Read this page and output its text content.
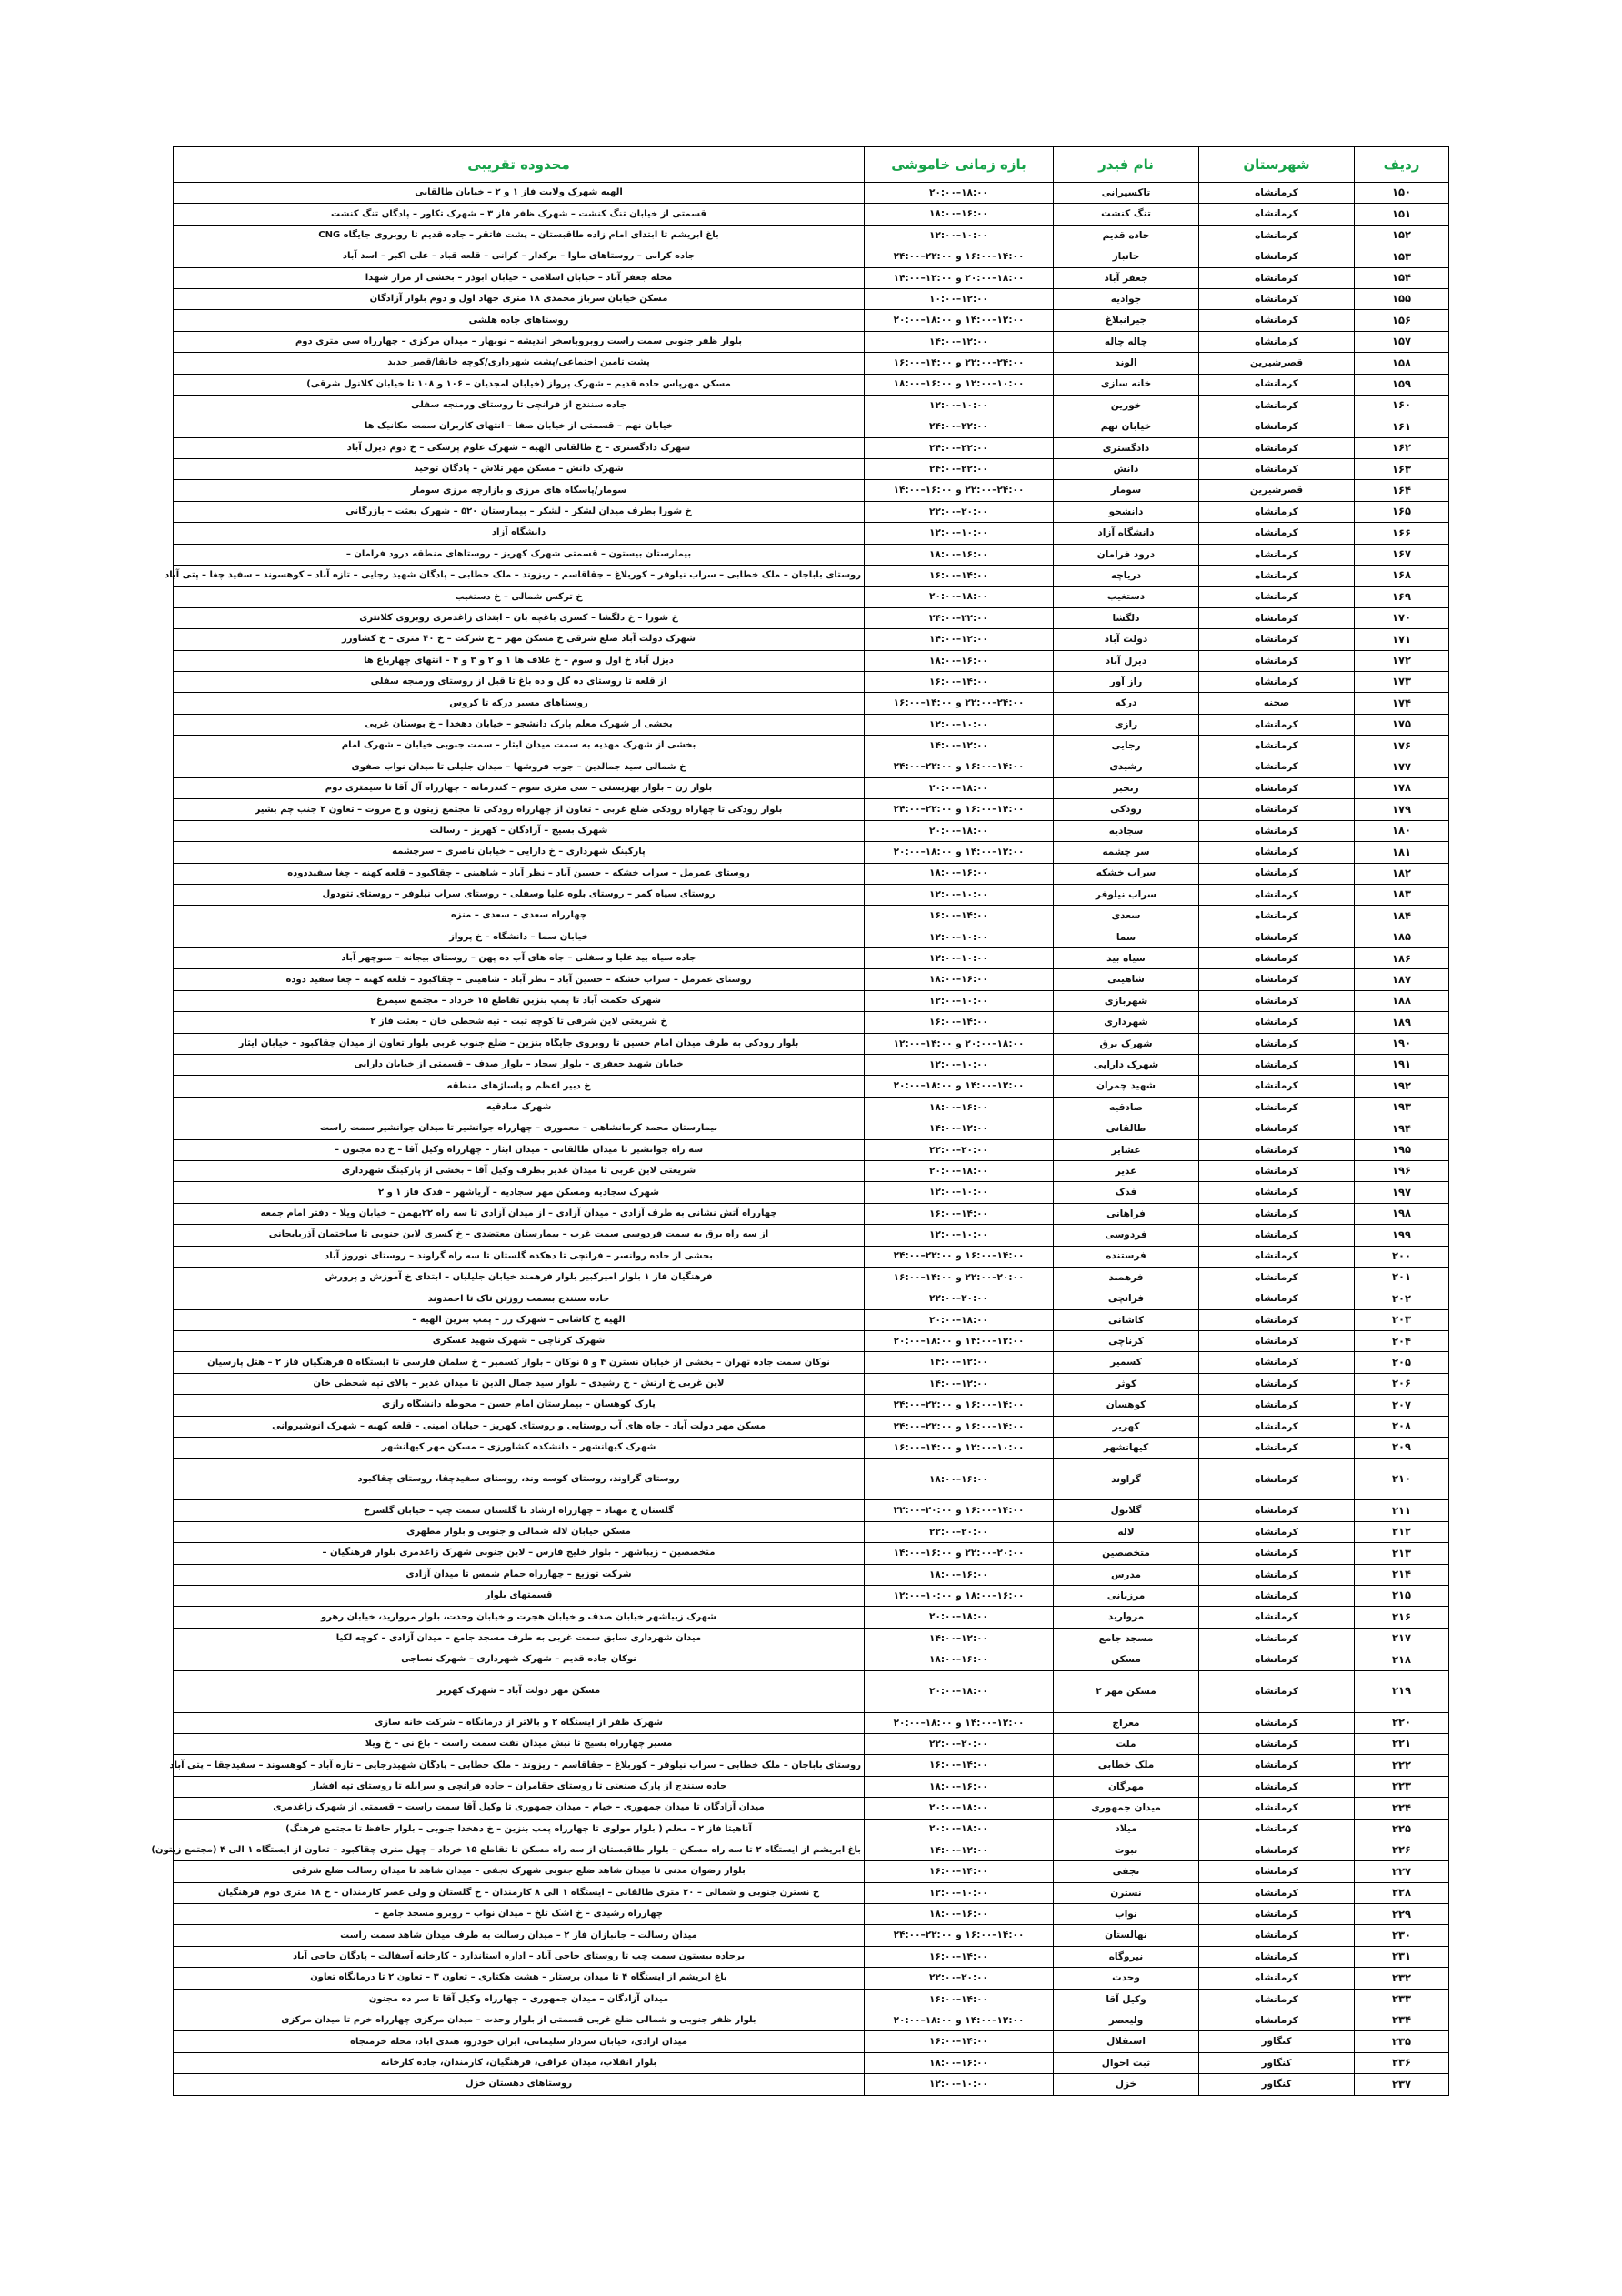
ردیف	شهرستان	نام فیدر	بازه زمانی خاموشی	محدوده تقریبی
۱۵۰	کرمانشاه	تاکسیرانی	۱۸:۰۰–۲۰:۰۰	الهیه شهرک ولایت فاز ۱ و ۲ – خیابان طالقانی
۱۵۱	کرمانشاه	تنگ کنشت	۱۶:۰۰–۱۸:۰۰	قسمتی از خیابان تنگ کنشت – شهرک ظفر فاز ۳ – شهرک تکاور – پادگان تنگ کنشت
۱۵۲	کرمانشاه	جاده قدیم	۱۰:۰۰–۱۲:۰۰	باغ ابریشم تا ابتدای امام زاده طاقبستان – پشت فاتقر – جاده قدیم تا روبروی جایگاه CNG
۱۵۳	کرمانشاه	جانباز	۱۴:۰۰–۱۶:۰۰ و ۲۲:۰۰–۲۴:۰۰	جاده کرانی – روستاهای ماوا – برکدار – کرانی – قلعه قباد – علی اکبر – اسد آباد
۱۵۴	کرمانشاه	جعفر آباد	۱۸:۰۰–۲۰:۰۰ و ۱۲:۰۰–۱۴:۰۰	محله جعفر آباد – خیابان اسلامی – خیابان ابوذر – بخشی از مزار شهدا
۱۵۵	کرمانشاه	جوادیه	۱۲:۰۰–۱۰:۰۰	مسکن خیابان سرباز محمدی ۱۸ متری جهاد اول و دوم بلوار آزادگان
۱۵۶	کرمانشاه	جیرانبلاغ	۱۲:۰۰–۱۴:۰۰ و ۱۸:۰۰–۲۰:۰۰	روستاهای جاده هلشی
۱۵۷	کرمانشاه	چاله چاله	۱۲:۰۰–۱۴:۰۰	بلوار ظفر جنوبی سمت راست روبروباسخر اندیشه – نوبهار – میدان مرکزی – چهارراه سی متری دوم
۱۵۸	قصرشیرین	الوند	۲۴:۰۰–۲۲:۰۰ و ۱۴:۰۰–۱۶:۰۰	پشت تامین اجتماعی/پشت شهرداری/کوچه خانقا/قصر جدید
۱۵۹	کرمانشاه	خانه سازی	۱۰:۰۰–۱۲:۰۰ و ۱۶:۰۰–۱۸:۰۰	مسکن مهرپاس جاده قدیم – شهرک پرواز (خیابان امجدیان – ۱۰۶ و ۱۰۸ تا خیابان کلانول شرقی)
۱۶۰	کرمانشاه	خورین	۱۰:۰۰–۱۲:۰۰	جاده سنندج از فرانچی تا روستای ورمنجه سفلی
۱۶۱	کرمانشاه	خیابان نهم	۲۲:۰۰–۲۴:۰۰	خیابان نهم – قسمتی از خیابان صفا – انتهای کاربران سمت مکانیک ها
۱۶۲	کرمانشاه	دادگستری	۲۲:۰۰–۲۴:۰۰	شهرک دادگستری – خ طالقانی الهیه – شهرک علوم پزشکی – خ دوم دیزل آباد
۱۶۳	کرمانشاه	دانش	۲۲:۰۰–۲۴:۰۰	شهرک دانش – مسکن مهر تلاش – پادگان توحید
۱۶۴	قصرشیرین	سومار	۲۴:۰۰–۲۲:۰۰ و ۱۶:۰۰–۱۴:۰۰	سومار/پاسگاه های مرزی و بازارچه مرزی سومار
۱۶۵	کرمانشاه	دانشجو	۲۰:۰۰–۲۲:۰۰	خ شورا بطرف میدان لشکر – لشکر – بیمارستان ۵۲۰ – شهرک بعثت – بازرگانی
۱۶۶	کرمانشاه	دانشگاه آزاد	۱۰:۰۰–۱۲:۰۰	دانشگاه آزاد
۱۶۷	کرمانشاه	درود فرامان	۱۶:۰۰–۱۸:۰۰	بیمارستان بیستون – قسمتی شهرک کهریز – روستاهای منطقه درود فرامان –
۱۶۸	کرمانشاه	دریاچه	۱۴:۰۰–۱۶:۰۰	روستای باباجان – ملک خطابی – سراب نیلوفر – کوربلاغ – جقاقاسم – ریزوند – ملک خطابی – پادگان شهید رجایی – تازه آباد – کوهسوند – سفید چغا – پتی آباد
۱۶۹	کرمانشاه	دستغیب	۱۸:۰۰–۲۰:۰۰	خ ترکس شمالی – خ دستغیب
۱۷۰	کرمانشاه	دلگشا	۲۲:۰۰–۲۴:۰۰	خ شورا – خ دلگشا – کسری باغچه بان – ابتدای زاغدمری روبروی کلانتری
۱۷۱	کرمانشاه	دولت آباد	۱۲:۰۰–۱۴:۰۰	شهرک دولت آباد ضلع شرقی خ مسکن مهر – خ شرکت – خ ۴۰ متری – خ کشاورز
۱۷۲	کرمانشاه	دیزل آباد	۱۶:۰۰–۱۸:۰۰	دیزل آباد خ اول و سوم – خ علاف ها ۱ و ۲ و ۳ و ۴ – انتهای چهارباغ ها
۱۷۳	کرمانشاه	راز آور	۱۴:۰۰–۱۶:۰۰	از قلعه تا روستای ده گل و ده باغ تا قبل از روستای ورمنجه سفلی
۱۷۴	صحنه	درکه	۲۴:۰۰–۲۲:۰۰ و ۱۴:۰۰–۱۶:۰۰	روستاهای مسیر درکه تا کروس
۱۷۵	کرمانشاه	رازی	۱۰:۰۰–۱۲:۰۰	بخشی از شهرک معلم پارک دانشجو – خیابان دهخدا – خ بوستان غربی
۱۷۶	کرمانشاه	رجایی	۱۲:۰۰–۱۴:۰۰	بخشی از شهرک مهدیه به سمت میدان ابثار – سمت جنوبی خیابان – شهرک امام
۱۷۷	کرمانشاه	رشیدی	۱۴:۰۰–۱۶:۰۰ و ۲۲:۰۰–۲۴:۰۰	خ شمالی سید جمالدین – جوب فروشها – میدان جلیلی تا میدان نواب صفوی
۱۷۸	کرمانشاه	رنجبر	۱۸:۰۰–۲۰:۰۰	بلوار زن – بلوار بهزیستی – سی متری سوم – کندرمانه – چهارراه آل آقا تا سیمتری دوم
۱۷۹	کرمانشاه	رودکی	۱۴:۰۰–۱۶:۰۰ و ۲۲:۰۰–۲۴:۰۰	بلوار رودکی تا چهاراه رودکی ضلع غربی – تعاون از چهارراه رودکی تا مجتمع زیتون و خ مروت – تعاون ۲ جنب چم بشیر
۱۸۰	کرمانشاه	سجادیه	۱۸:۰۰–۲۰:۰۰	شهرک بسیج – آزادگان – کهریز – رسالت
۱۸۱	کرمانشاه	سر چشمه	۱۲:۰۰–۱۴:۰۰ و ۱۸:۰۰–۲۰:۰۰	پارکینگ شهرداری – خ دارایی – خیابان ناصری – سرچشمه
۱۸۲	کرمانشاه	سراب خشکه	۱۶:۰۰–۱۸:۰۰	روستای عمرمل – سراب خشکه – حسین آباد – نظر آباد – شاهینی – چقاکبود – قلعه کهنه – چغا سفیددوده
۱۸۳	کرمانشاه	سراب نیلوفر	۱۰:۰۰–۱۲:۰۰	روستای سیاه کمر – روستای بلوه علیا وسفلی – روستای سراب نیلوفر – روستای تتودول
۱۸۴	کرمانشاه	سعدی	۱۴:۰۰–۱۶:۰۰	چهارراه سعدی – سعدی – منزه
۱۸۵	کرمانشاه	سما	۱۰:۰۰–۱۲:۰۰	خیابان سما – دانشگاه – خ پرواز
۱۸۶	کرمانشاه	سیاه بید	۱۰:۰۰–۱۲:۰۰	جاده سیاه بید علیا و سفلی – جاه های آب ده پهن – روستای بیجانه – منوچهر آباد
۱۸۷	کرمانشاه	شاهینی	۱۶:۰۰–۱۸:۰۰	روستای عمرمل – سراب خشکه – حسین آباد – نظر آباد – شاهینی – چقاکبود – قلعه کهنه – چغا سفید دوده
۱۸۸	کرمانشاه	شهربازی	۱۰:۰۰–۱۲:۰۰	شهرک حکمت آباد تا پمپ بنزین تقاطع ۱۵ خرداد – مجتمع سیمرغ
۱۸۹	کرمانشاه	شهرداری	۱۴:۰۰–۱۶:۰۰	خ شریعتی لاین شرقی تا کوچه ثبت – تیه شحطی خان – بعثت فاز ۲
۱۹۰	کرمانشاه	شهرک برق	۱۸:۰۰–۲۰:۰۰ و ۱۴:۰۰–۱۲:۰۰	بلوار رودکی به طرف میدان امام حسین تا روبروی جایگاه بنزین – ضلع جنوب غربی بلوار تعاون از میدان چقاکبود – خیابان ایثار
۱۹۱	کرمانشاه	شهرک دارایی	۱۰:۰۰–۱۲:۰۰	خیابان شهید جعفری – بلوار سجاد – بلوار صدف – قسمتی از خیابان دارایی
۱۹۲	کرمانشاه	شهید چمران	۱۲:۰۰–۱۴:۰۰ و ۱۸:۰۰–۲۰:۰۰	خ دبیر اعظم و پاساژهای منطقه
۱۹۳	کرمانشاه	صادقیه	۱۶:۰۰–۱۸:۰۰	شهرک صادقیه
۱۹۴	کرمانشاه	طالقانی	۱۲:۰۰–۱۴:۰۰	بیمارستان محمد کرمانشاهی – معموری – چهارراه جوانشیر تا میدان جوانشیر سمت راست
۱۹۵	کرمانشاه	عشایر	۲۰:۰۰–۲۲:۰۰	سه راه جوانشیر تا میدان طالقانی – میدان ابثار – چهارراه وکیل آقا – خ ده مجنون –
۱۹۶	کرمانشاه	غدیر	۱۸:۰۰–۲۰:۰۰	شریعتی لاین غربی تا میدان غدیر بطرف وکیل آقا – بخشی از پارکینگ شهرداری
۱۹۷	کرمانشاه	فدک	۱۰:۰۰–۱۲:۰۰	شهرک سجادیه ومسکن مهر سجادیه – آریاشهر – فدک فاز ۱ و ۲
۱۹۸	کرمانشاه	فراهانی	۱۴:۰۰–۱۶:۰۰	چهارراه آتش نشانی به طرف آزادی – میدان آزادی – از میدان آزادی تا سه راه ۲۲بهمن – خیابان ویلا – دفتر امام جمعه
۱۹۹	کرمانشاه	فردوسی	۱۰:۰۰–۱۲:۰۰	از سه راه برق به سمت فردوسی سمت غرب – بیمارستان معتضدی – خ کسری لاین جنوبی تا ساختمان آذربایجانی
۲۰۰	کرمانشاه	فرستنده	۱۴:۰۰–۱۶:۰۰ و ۲۲:۰۰–۲۴:۰۰	بخشی از جاده روانسر – فرانچی تا دهکده گلستان تا سه راه گراوند – روستای نوروز آباد
۲۰۱	کرمانشاه	فرهمند	۲۰:۰۰–۲۲:۰۰ و ۱۴:۰۰–۱۶:۰۰	فرهنگیان فاز ۱ بلوار امیرکبیر بلوار فرهمند خیابان جلیلیان – ابتدای خ آموزش و پرورش
۲۰۲	کرمانشاه	فرانچی	۲۰:۰۰–۲۲:۰۰	جاده سنندج بسمت روزتن تاک تا احمدوند
۲۰۳	کرمانشاه	کاشانی	۱۸:۰۰–۲۰:۰۰	الهیه خ کاشانی – شهرک رز – پمپ بنزین الهیه –
۲۰۴	کرمانشاه	کرناچی	۱۲:۰۰–۱۴:۰۰ و ۱۸:۰۰–۲۰:۰۰	شهرک کرناچی – شهرک شهید عسکری
۲۰۵	کرمانشاه	کسمیر	۱۲:۰۰–۱۴:۰۰	نوکان سمت جاده تهران – بخشی از خیابان نسترن ۴ و ۵ نوکان – بلوار کسمیر – خ سلمان فارسی تا ایستگاه ۵ فرهنگیان فاز ۲ – هتل پارسیان
۲۰۶	کرمانشاه	کوثر	۱۲:۰۰–۱۴:۰۰	لاین غربی خ ارتش – خ رشیدی – بلوار سید جمال الدین تا میدان غدیر – بالای تپه شحطی خان
۲۰۷	کرمانشاه	کوهسان	۱۴:۰۰–۱۶:۰۰ و ۲۲:۰۰–۲۴:۰۰	پارک کوهسان – بیمارستان امام حسن – محوطه دانشگاه رازی
۲۰۸	کرمانشاه	کهریز	۱۴:۰۰–۱۶:۰۰ و ۲۲:۰۰–۲۴:۰۰	مسکن مهر دولت آباد – جاه های آب روستایی و روستای کهریز – خیابان امینی – قلعه کهنه – شهرک انوشیروانی
۲۰۹	کرمانشاه	کیهانشهر	۱۰:۰۰–۱۲:۰۰ و ۱۴:۰۰–۱۶:۰۰	شهرک کیهانشهر – دانشکده کشاورزی – مسکن مهر کیهانشهر
۲۱۰	کرمانشاه	گراوند	۱۶:۰۰–۱۸:۰۰	روستای گراوند، روستای کوسه وند، روستای سفیدچقا، روستای چقاکبود
۲۱۱	کرمانشاه	گلانول	۱۴:۰۰–۱۶:۰۰ و ۲۰:۰۰–۲۲:۰۰	گلستان خ مهناد – چهارراه ارشاد تا گلستان سمت چپ – خیابان گلسرخ
۲۱۲	کرمانشاه	لاله	۲۰:۰۰–۲۲:۰۰	مسکن خیابان لاله شمالی و جنوبی و بلوار مطهری
۲۱۳	کرمانشاه	متخصصین	۲۰:۰۰–۲۲:۰۰ و ۱۶:۰۰–۱۴:۰۰	متخصصین – زیباشهر – بلوار خلیج فارس – لاین جنوبی شهرک زاغدمری بلوار فرهنگیان –
۲۱۴	کرمانشاه	مدرس	۱۶:۰۰–۱۸:۰۰	شرکت توزیع – چهارراه حمام شمس تا میدان آزادی
۲۱۵	کرمانشاه	مرزبانی	۱۶:۰۰–۱۸:۰۰ و ۱۰:۰۰–۱۲:۰۰	قسمتهای بلوار
۲۱۶	کرمانشاه	مروارید	۱۸:۰۰–۲۰:۰۰	شهرک زیباشهر خیابان صدف و خیابان هجرت و خیابان وحدت، بلوار مروارید، خیابان رهرو
۲۱۷	کرمانشاه	مسجد جامع	۱۲:۰۰–۱۴:۰۰	میدان شهرداری سابق سمت غربی به طرف مسجد جامع – میدان آزادی – کوچه لکیا
۲۱۸	کرمانشاه	مسکن	۱۶:۰۰–۱۸:۰۰	نوکان جاده قدیم – شهرک شهرداری – شهرک نساجی
۲۱۹	کرمانشاه	مسکن مهر ۲	۱۸:۰۰–۲۰:۰۰	مسکن مهر دولت آباد – شهرک کهریز
۲۲۰	کرمانشاه	معراج	۱۲:۰۰–۱۴:۰۰ و ۱۸:۰۰–۲۰:۰۰	شهرک ظفر از ایستگاه ۲ و بالاتر از درمانگاه – شرکت خانه سازی
۲۲۱	کرمانشاه	ملت	۲۰:۰۰–۲۲:۰۰	مسیر چهارراه بسیج تا نبش میدان نفت سمت راست – باغ نی – خ ویلا
۲۲۲	کرمانشاه	ملک خطابی	۱۴:۰۰–۱۶:۰۰	روستای باباجان – ملک خطابی – سراب نیلوفر – کوربلاغ – جقاقاسم – ریزوند – ملک خطابی – پادگان شهیدرجایی – تازه آباد – کوهسوند – سفیدچقا – پتی آباد
۲۲۳	کرمانشاه	مهرگان	۱۶:۰۰–۱۸:۰۰	جاده سنندج از پارک صنعتی تا روستای جقامران – جاده فرانچی و سرابله تا روستای تپه افشار
۲۲۴	کرمانشاه	میدان جمهوری	۱۸:۰۰–۲۰:۰۰	میدان آزادگان تا میدان جمهوری – خیام – میدان جمهوری تا وکیل آقا سمت راست – قسمتی از شهرک زاغدمری
۲۲۵	کرمانشاه	میلاد	۱۸:۰۰–۲۰:۰۰	آناهیتا فاز ۲ – معلم ( بلوار مولوی تا چهارراه پمپ بنزین – خ دهخدا جنوبی – بلوار حافظ تا مجتمع فرهنگ)
۲۲۶	کرمانشاه	نبوت	۱۲:۰۰–۱۴:۰۰	باغ ابریشم از ایستگاه ۲ تا سه راه مسکن – بلوار طاقبستان از سه راه مسکن تا تقاطع ۱۵ خرداد – چهل متری چقاکبود – تعاون از ایستگاه ۱ الی ۴ (مجتمع زیتون)
۲۲۷	کرمانشاه	نجفی	۱۴:۰۰–۱۶:۰۰	بلوار رضوان مدنی تا میدان شاهد ضلع جنوبی شهرک نجفی – میدان شاهد تا میدان رسالت ضلع شرقی
۲۲۸	کرمانشاه	نسترن	۱۰:۰۰–۱۲:۰۰	خ نسترن جنوبی و شمالی – ۲۰ متری طالقانی – ایستگاه ۱ الی ۸ کارمندان – خ گلستان و ولی عصر کارمندان – خ ۱۸ متری دوم فرهنگیان
۲۲۹	کرمانشاه	نواب	۱۶:۰۰–۱۸:۰۰	چهارراه رشیدی – خ اشک تلخ – میدان نواب – روبرو مسجد جامع –
۲۳۰	کرمانشاه	نهالستان	۱۴:۰۰–۱۶:۰۰ و ۲۲:۰۰–۲۴:۰۰	میدان رسالت – جانبازان فاز ۲ – میدان رسالت به طرف میدان شاهد سمت راست
۲۳۱	کرمانشاه	نیروگاه	۱۴:۰۰–۱۶:۰۰	برجاده بیستون سمت چپ تا روستای حاجی آباد – اداره استاندارد – کارخانه آسفالت – پادگان حاجی آباد
۲۳۲	کرمانشاه	وحدت	۲۰:۰۰–۲۲:۰۰	باغ ابریشم از ایستگاه ۴ تا میدان برستار – هشت هکتاری – تعاون ۳ – تعاون ۲ تا درمانگاه تعاون
۲۳۳	کرمانشاه	وکیل آقا	۱۴:۰۰–۱۶:۰۰	میدان آزادگان – میدان جمهوری – چهارراه وکیل آقا تا سر ده مجنون
۲۳۴	کرمانشاه	ولیعصر	۱۲:۰۰–۱۴:۰۰ و ۱۸:۰۰–۲۰:۰۰	بلوار ظفر جنوبی و شمالی ضلع غربی قسمتی از بلوار وحدت – میدان مرکزی چهارراه خرم تا میدان مرکزی
۲۳۵	کنگاور	استقلال	۱۴:۰۰–۱۶:۰۰	میدان ازادی، خیابان سردار سلیمانی، ایران خودرو، هندی اباد، محله خرمنجاه
۲۳۶	کنگاور	ثبت احوال	۱۶:۰۰–۱۸:۰۰	بلوار انقلاب، میدان عراقی، فرهنگیان، کارمندان، جاده کارخانه
۲۳۷	کنگاور	خزل	۱۰:۰۰–۱۲:۰۰	روستاهای دهستان خزل
